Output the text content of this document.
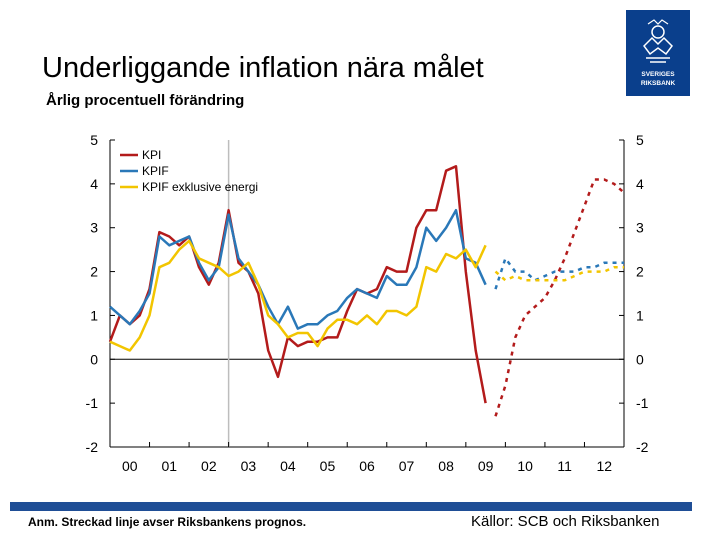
Underliggande inflation nära målet
Årlig procentuell förändring
SVERIGES
RIKSBANK
5	5
4	4
3	3
2	2
1	1
0	0
-1	-1
-2	-2
00 01 02 03 04 05 06 07 08 09 10 11 12
KPI
KPIF
KPIF exklusive energi
Anm. Streckad linje avser Riksbankens prognos.	Källor: SCB och Riksbanken
